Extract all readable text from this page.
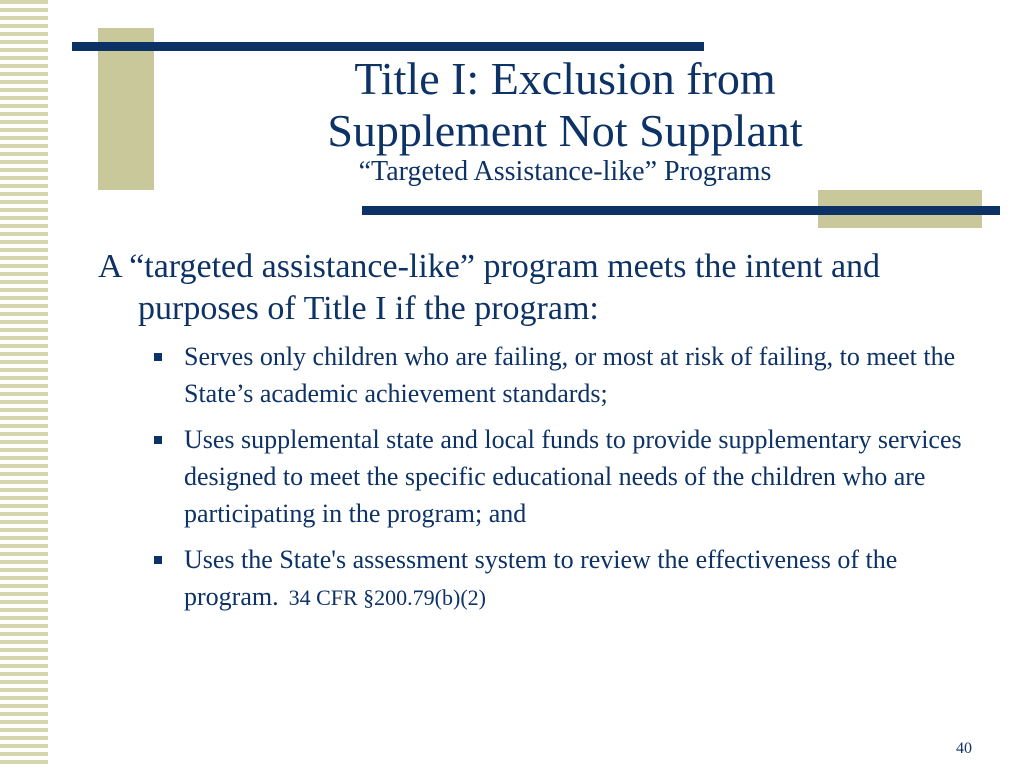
Title I: Exclusion from
Supplement Not Supplant
“Targeted Assistance-like” Programs

A “targeted assistance-like” program meets the intent and purposes of Title I if the program:

Serves only children who are failing, or most at risk of failing, to meet the State’s academic achievement standards;
Uses supplemental state and local funds to provide supplementary services designed to meet the specific educational needs of the children who are participating in the program; and
Uses the State's assessment system to review the effectiveness of the program. 34 CFR §200.79(b)(2)
40
